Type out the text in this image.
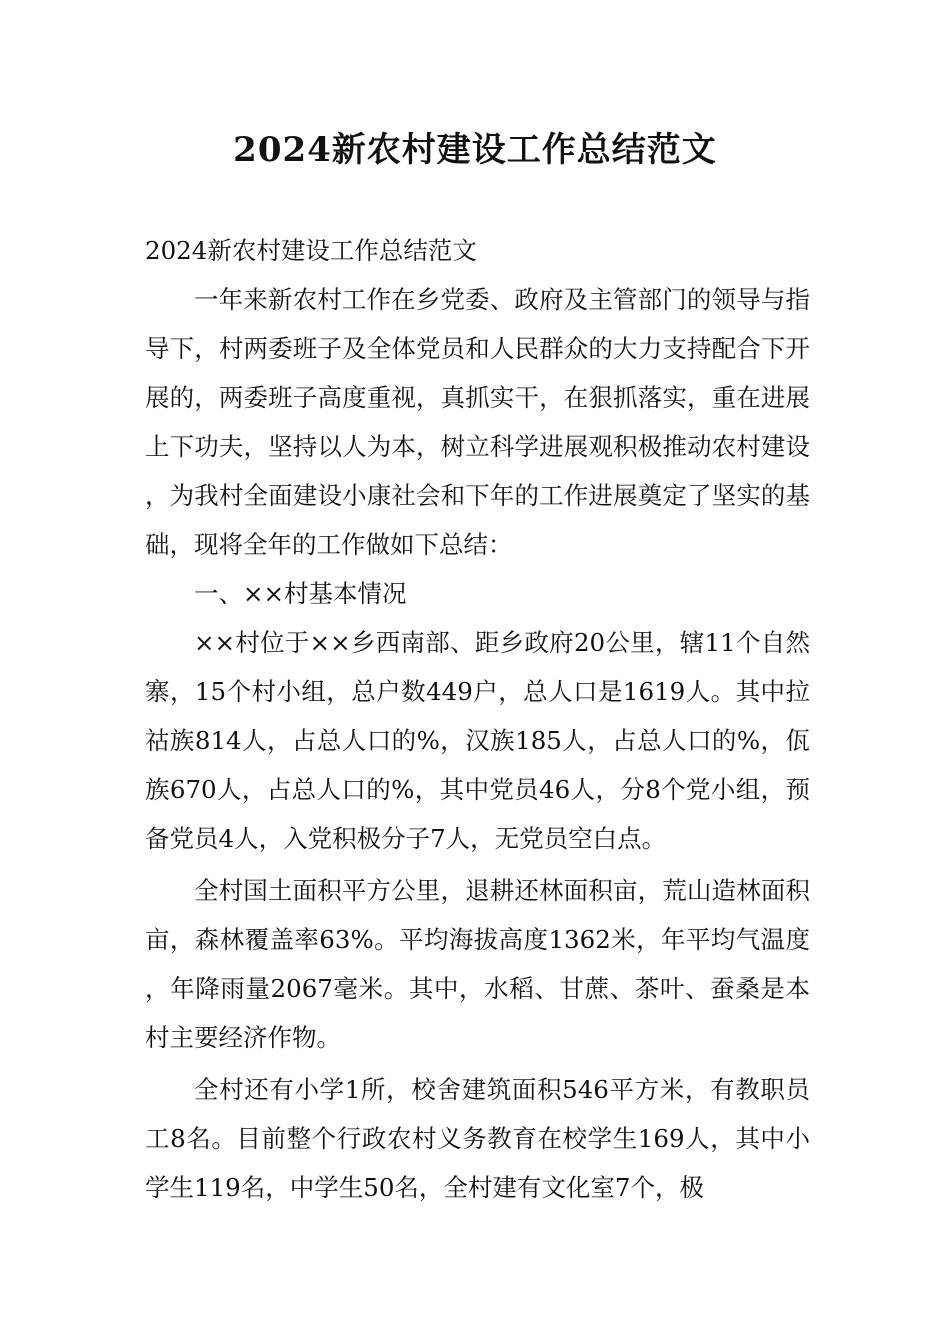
2024新农村建设工作总结范文

2024新农村建设工作总结范文

一年来新农村工作在乡党委、政府及主管部门的领导与指导下，村两委班子及全体党员和人民群众的大力支持配合下开展的，两委班子高度重视，真抓实干，在狠抓落实，重在进展上下功夫，坚持以人为本，树立科学进展观积极推动农村建设，为我村全面建设小康社会和下年的工作进展奠定了坚实的基础，现将全年的工作做如下总结：

一、××村基本情况

××村位于××乡西南部、距乡政府20公里，辖11个自然寨，15个村小组，总户数449户，总人口是1619人。其中拉祜族814人，占总人口的%，汉族185人，占总人口的%，佤族670人，占总人口的%，其中党员46人，分8个党小组，预备党员4人，入党积极分子7人，无党员空白点。

全村国土面积平方公里，退耕还林面积亩，荒山造林面积亩，森林覆盖率63%。平均海拔高度1362米，年平均气温度，年降雨量2067毫米。其中，水稻、甘蔗、茶叶、蚕桑是本村主要经济作物。

全村还有小学1所，校舍建筑面积546平方米，有教职员工8名。目前整个行政农村义务教育在校学生169人，其中小学生119名，中学生50名，全村建有文化室7个，极
